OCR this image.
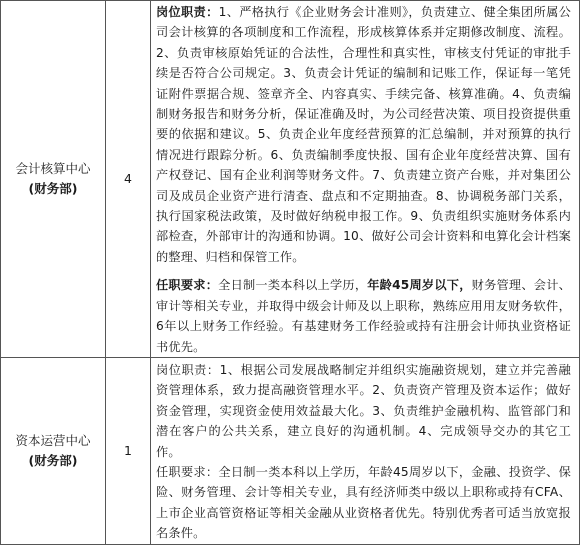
会计核算中心
(财务部)	4	岗位职责：1、严格执行《企业财务会计准则》，负责建立、健全集团所属公司会计核算的各项制度和工作流程，形成核算体系并定期修改制度、流程。2、负责审核原始凭证的合法性，合理性和真实性，审核支付凭证的审批手续是否符合公司规定。3、负责会计凭证的编制和记账工作，保证每一笔凭证附件票据合规、签章齐全、内容真实、手续完备、核算准确。4、负责编制财务报告和财务分析，保证准确及时，为公司经营决策、项目投资提供重要的依据和建议。5、负责企业年度经营预算的汇总编制，并对预算的执行情况进行跟踪分析。6、负责编制季度快报、国有企业年度经营决算、国有产权登记、国有企业利润等财务文件。7、负责建立资产台账，并对集团公司及成员企业资产进行清查、盘点和不定期抽查。8、协调税务部门关系，执行国家税法政策，及时做好纳税申报工作。9、负责组织实施财务体系内部检查，外部审计的沟通和协调。10、做好公司会计资料和电算化会计档案的整理、归档和保管工作。
任职要求：全日制一类本科以上学历，年龄45周岁以下，财务管理、会计、审计等相关专业，并取得中级会计师及以上职称，熟练应用用友财务软件，6年以上财务工作经验。有基建财务工作经验或持有注册会计师执业资格证书优先。

资本运营中心
(财务部)	1	岗位职责：1、根据公司发展战略制定并组织实施融资规划，建立并完善融资管理体系，致力提高融资管理水平。2、负责资产管理及资本运作；做好资金管理，实现资金使用效益最大化。3、负责维护金融机构、监管部门和潜在客户的公共关系，建立良好的沟通机制。4、完成领导交办的其它工作。
任职要求：全日制一类本科以上学历，年龄45周岁以下，金融、投资学、保险、财务管理、会计等相关专业，具有经济师类中级以上职称或持有CFA、上市企业高管资格证等相关金融从业资格者优先。特别优秀者可适当放宽报名条件。
